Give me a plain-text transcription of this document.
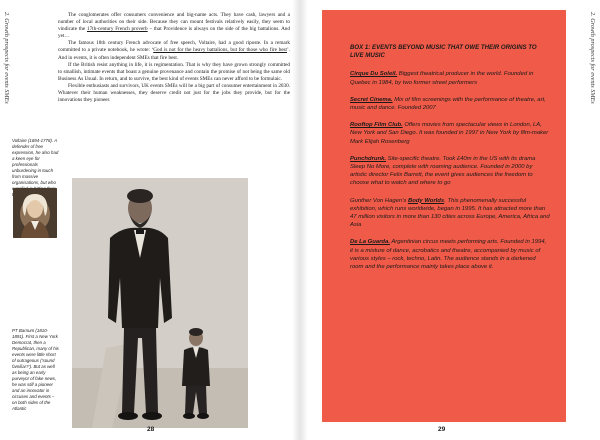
2. Growth prospects for events SMEs	The conglomerates offer consumers convenience and big-name acts. They have cash, lawyers and a number of local authorities on their side. Because they can mount festivals relatively easily, they seem to vindicate the 17th-century French proverb – that Providence is always on the side of the big battalions. And yet…

The famous 18th century French advocate of free speech, Voltaire, had a good riposte. In a remark committed to a private notebook, he wrote: ‘God is not for the heavy battalions, but for those who fire best’. And in events, it is often independent SMEs that fire best.

If the British resist anything in life, it is regimentation. That is why they have grown strongly committed to smallish, intimate events that boast a genuine provenance and contain the promise of not being the same old Business As Usual. In return, and to survive, the best kind of events SMEs can never afford to be formulaic.

Flexible enthusiasts and survivors, UK events SMEs will be a big part of consumer entertainment in 2030. Whatever their human weaknesses, they deserve credit not just for the jobs they provide, but for the innovations they pioneer.

Voltaire (1694-1778). A defender of free expression, he also had a keen eye for professionals unburdening in touch from massive organisations, but who
PT Barnum (1810-1891). First a New York Democrat, then a Republican, many of his events were little short of outrageous (‘sound familiar?’). But as well as being an early purveyor of fake news, he was still a pioneer and an innovator in circuses and events – on both sides of the Atlantic
28
2. Growth prospects for events SMEs
29
BOX 1: EVENTS BEYOND MUSIC THAT OWE THEIR ORIGINS TO LIVE MUSIC
Cirque Du Soleil. Biggest theatrical producer in the world. Founded in Quebec in 1984, by two former street performers
Secret Cinema. Mix of film screenings with the performance of theatre, art, music and dance. Founded 2007
Rooftop Film Club. Offers movies from spectacular views in London, LA, New York and San Diego. It was founded in 1997 in New York by film-maker Mark Elijah Rosenberg
Punchdrunk. Site-specific theatre. Took £40m in the US with its drama Sleep No More, complete with roaming audience. Founded in 2000 by artistic director Felix Barrett, the event gives audiences the freedom to choose what to watch and where to go
Gunther Von Hagen’s Body Worlds. This phenomenally successful exhibition, which runs worldwide, began in 1995. It has attracted more than 47 million visitors in more than 130 cities across Europe, America, Africa and Asia
De La Guarda. Argentinian circus meets performing arts. Founded in 1994, it is a mixture of dance, acrobatics and theatre, accompanied by music of various styles – rock, techno, Latin. The audience stands in a darkened room and the performance mainly takes place above it.
